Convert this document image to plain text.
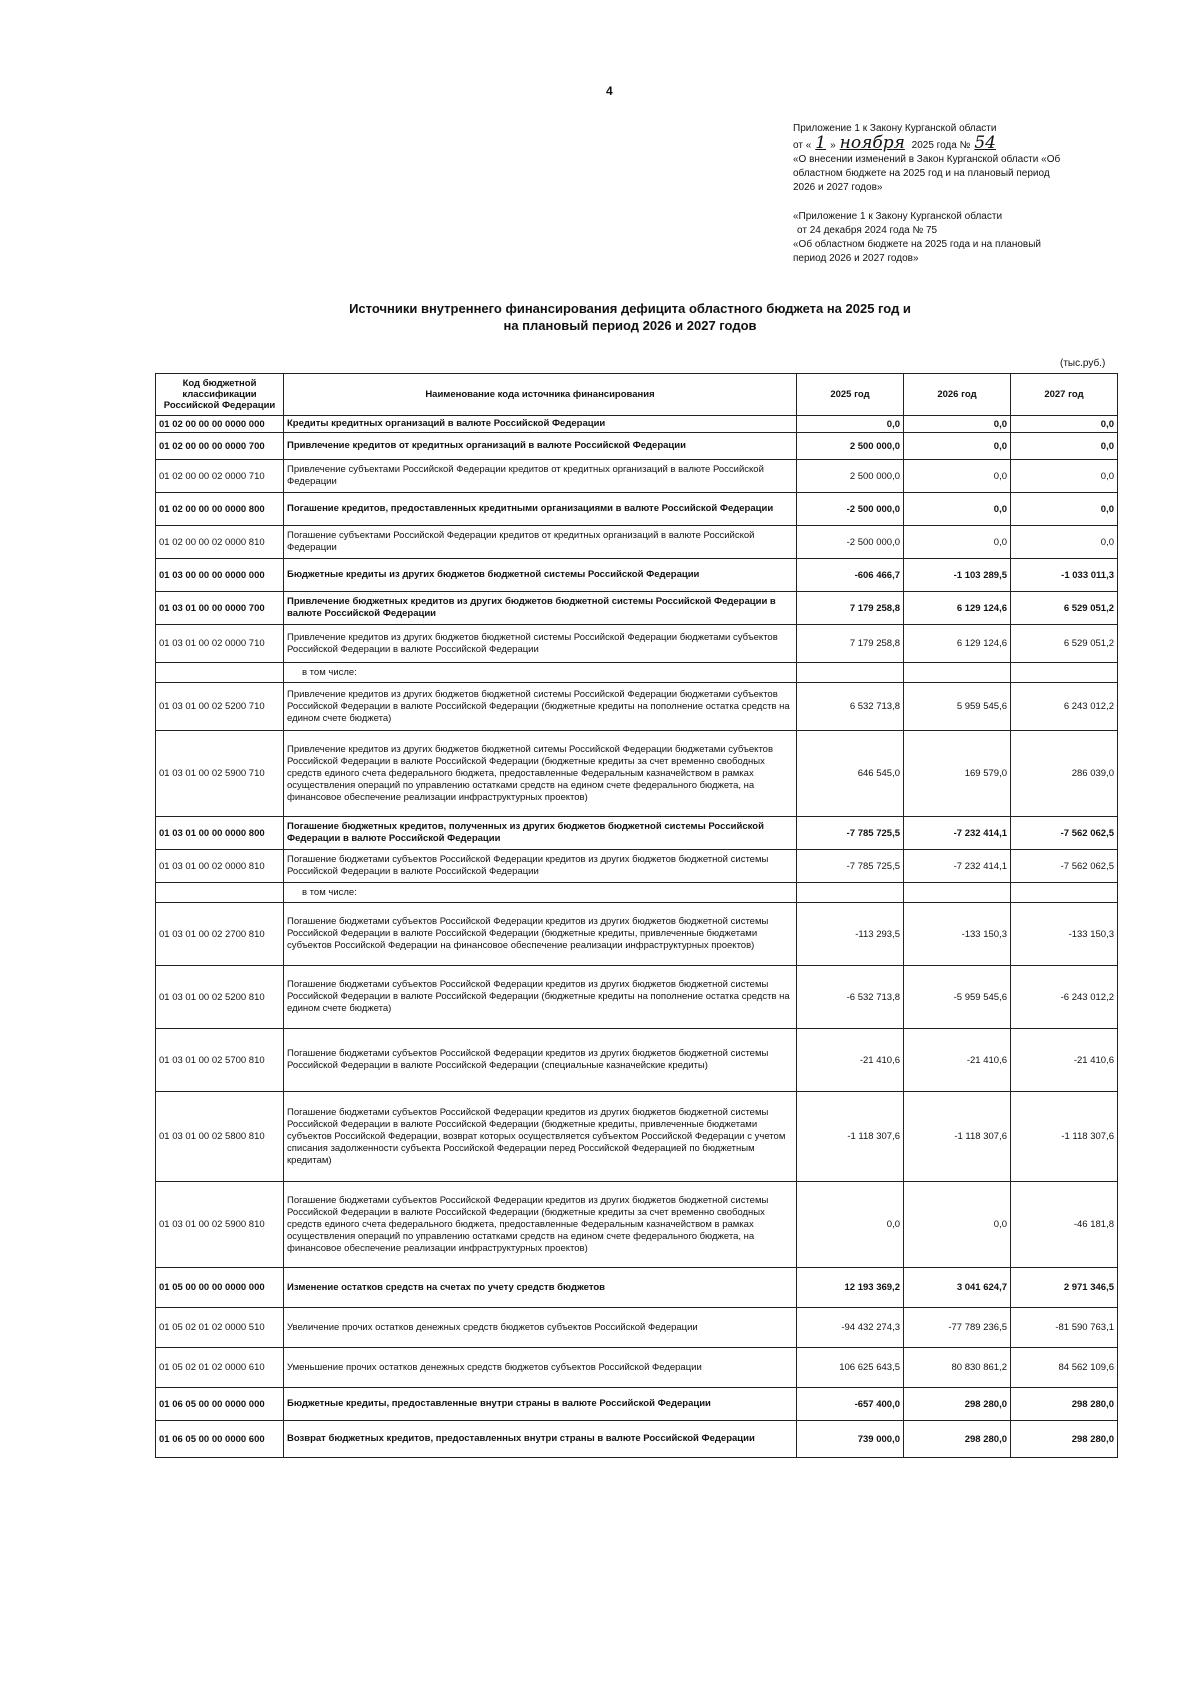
4
Приложение 1 к Закону Курганской области
от « 1 » ноября 2025 года № 54
«О внесении изменений в Закон Курганской области «Об
областном бюджете на 2025 год и на плановый период
2026 и 2027 годов»
«Приложение 1 к Закону Курганской области
от 24 декабря 2024 года № 75
«Об областном бюджете на 2025 года и на плановый
период 2026 и 2027 годов»
Источники внутреннего финансирования дефицита областного бюджета на 2025 год и
на плановый период 2026 и 2027 годов
(тыс.руб.)
Код бюджетной классификации Российской Федерации	Наименование кода источника финансирования	2025 год	2026 год	2027 год
01 02 00 00 00 0000 000	Кредиты кредитных организаций в валюте Российской Федерации	0,0	0,0	0,0
01 02 00 00 00 0000 700	Привлечение кредитов от кредитных организаций в валюте Российской Федерации	2 500 000,0	0,0	0,0
01 02 00 00 02 0000 710	Привлечение субъектами Российской Федерации кредитов от кредитных организаций в валюте Российской Федерации	2 500 000,0	0,0	0,0
01 02 00 00 00 0000 800	Погашение кредитов, предоставленных кредитными организациями в валюте Российской Федерации	-2 500 000,0	0,0	0,0
01 02 00 00 02 0000 810	Погашение субъектами Российской Федерации кредитов от кредитных организаций в валюте Российской Федерации	-2 500 000,0	0,0	0,0
01 03 00 00 00 0000 000	Бюджетные кредиты из других бюджетов бюджетной системы Российской Федерации	-606 466,7	-1 103 289,5	-1 033 011,3
01 03 01 00 00 0000 700	Привлечение бюджетных кредитов из других бюджетов бюджетной системы Российской Федерации в валюте Российской Федерации	7 179 258,8	6 129 124,6	6 529 051,2
01 03 01 00 02 0000 710	Привлечение кредитов из других бюджетов бюджетной системы Российской Федерации бюджетами субъектов Российской Федерации в валюте Российской Федерации	7 179 258,8	6 129 124,6	6 529 051,2
	в том числе:			
01 03 01 00 02 5200 710	Привлечение кредитов из других бюджетов бюджетной системы Российской Федерации бюджетами субъектов Российской Федерации в валюте Российской Федерации (бюджетные кредиты на пополнение остатка средств на едином счете бюджета)	6 532 713,8	5 959 545,6	6 243 012,2
01 03 01 00 02 5900 710	Привлечение кредитов из других бюджетов бюджетной ситемы Российской Федерации бюджетами субъектов Российской Федерации в валюте Российской Федерации (бюджетные кредиты за счет временно свободных средств единого счета федерального бюджета, предоставленные Федеральным казначейством в рамках осуществления операций по управлению остатками средств на едином счете федерального бюджета, на финансовое обеспечение реализации инфраструктурных проектов)	646 545,0	169 579,0	286 039,0
01 03 01 00 00 0000 800	Погашение бюджетных кредитов, полученных из других бюджетов бюджетной системы Российской Федерации в валюте Российской Федерации	-7 785 725,5	-7 232 414,1	-7 562 062,5
01 03 01 00 02 0000 810	Погашение бюджетами субъектов Российской Федерации кредитов из других бюджетов бюджетной системы Российской Федерации в валюте Российской Федерации	-7 785 725,5	-7 232 414,1	-7 562 062,5
	в том числе:			
01 03 01 00 02 2700 810	Погашение бюджетами субъектов Российской Федерации кредитов из других бюджетов бюджетной системы Российской Федерации в валюте Российской Федерации (бюджетные кредиты, привлеченные бюджетами субъектов Российской Федерации на финансовое обеспечение реализации инфраструктурных проектов)	-113 293,5	-133 150,3	-133 150,3
01 03 01 00 02 5200 810	Погашение бюджетами субъектов Российской Федерации кредитов из других бюджетов бюджетной системы Российской Федерации в валюте Российской Федерации (бюджетные кредиты на пополнение остатка средств на едином счете бюджета)	-6 532 713,8	-5 959 545,6	-6 243 012,2
01 03 01 00 02 5700 810	Погашение бюджетами субъектов Российской Федерации кредитов из других бюджетов бюджетной системы Российской Федерации в валюте Российской Федерации (специальные казначейские кредиты)	-21 410,6	-21 410,6	-21 410,6
01 03 01 00 02 5800 810	Погашение бюджетами субъектов Российской Федерации кредитов из других бюджетов бюджетной системы Российской Федерации в валюте Российской Федерации (бюджетные кредиты, привлеченные бюджетами субъектов Российской Федерации, возврат которых осуществляется субъектом Российской Федерации с учетом списания задолженности субъекта Российской Федерации перед Российской Федерацией по бюджетным кредитам)	-1 118 307,6	-1 118 307,6	-1 118 307,6
01 03 01 00 02 5900 810	Погашение бюджетами субъектов Российской Федерации кредитов из других бюджетов бюджетной системы Российской Федерации в валюте Российской Федерации (бюджетные кредиты за счет временно свободных средств единого счета федерального бюджета, предоставленные Федеральным казначейством в рамках осуществления операций по управлению остатками средств на едином счете федерального бюджета, на финансовое обеспечение реализации инфраструктурных проектов)	0,0	0,0	-46 181,8
01 05 00 00 00 0000 000	Изменение остатков средств на счетах по учету средств бюджетов	12 193 369,2	3 041 624,7	2 971 346,5
01 05 02 01 02 0000 510	Увеличение прочих остатков денежных средств бюджетов субъектов Российской Федерации	-94 432 274,3	-77 789 236,5	-81 590 763,1
01 05 02 01 02 0000 610	Уменьшение прочих остатков денежных средств бюджетов субъектов Российской Федерации	106 625 643,5	80 830 861,2	84 562 109,6
01 06 05 00 00 0000 000	Бюджетные кредиты, предоставленные внутри страны в валюте Российской Федерации	-657 400,0	298 280,0	298 280,0
01 06 05 00 00 0000 600	Возврат бюджетных кредитов, предоставленных внутри страны в валюте Российской Федерации	739 000,0	298 280,0	298 280,0
